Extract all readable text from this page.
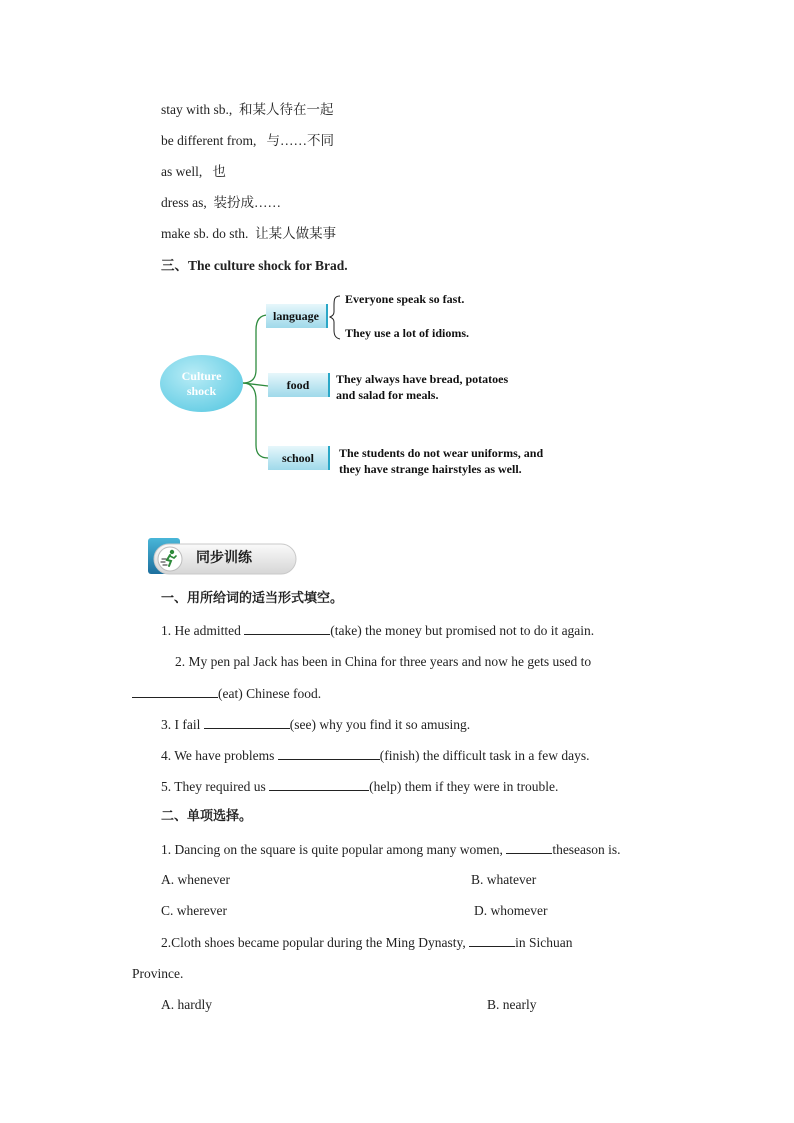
stay with sb., 和某人待在一起
be different from, 与……不同
as well, 也
dress as, 装扮成……
make sb. do sth. 让某人做某事
三、The culture shock for Brad.
Culture
shock
language
Everyone speak so fast.
They use a lot of idioms.
food	They always have bread, potatoes
and salad for meals.
school	The students do not wear uniforms, and
they have strange hairstyles as well.
同步训练
一、用所给词的适当形式填空。
1. He admitted	(take) the money but promised not to do it again.
2. My pen pal Jack has been in China for three years and now he gets used to
(eat) Chinese food.
3. I fail	(see) why you find it so amusing.
4. We have problems	(finish) the difficult task in a few days.
5. They required us	(help) them if they were in trouble.
二、单项选择。
1. Dancing on the square is quite popular among many women,	theseason is.
A. whenever	B. whatever
C. wherever	D. whomever
2.Cloth shoes became popular during the Ming Dynasty,	in Sichuan
Province.
A. hardly	B. nearly
